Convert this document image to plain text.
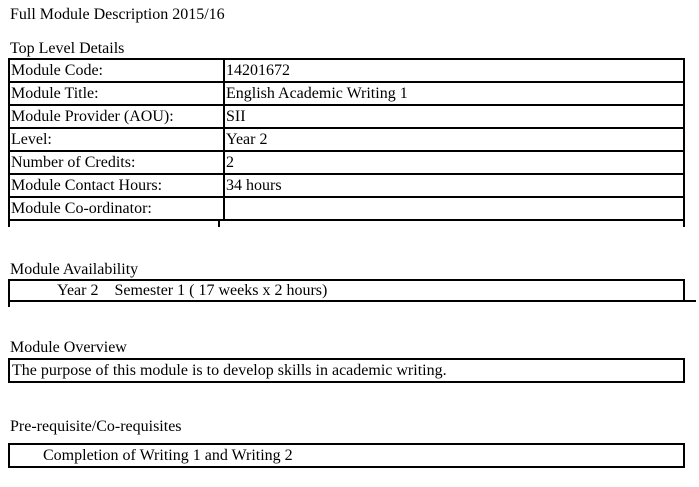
Full Module Description 2015/16
Top Level Details
Module Code:	14201672
Module Title:	English Academic Writing 1
Module Provider (AOU):	SII
Level:	Year 2
Number of Credits:	2
Module Contact Hours:	34 hours
Module Co-ordinator:	
Module Availability
Year 2 Semester 1 ( 17 weeks x 2 hours)
Module Overview
The purpose of this module is to develop skills in academic writing.
Pre-requisite/Co-requisites
Completion of Writing 1 and Writing 2
